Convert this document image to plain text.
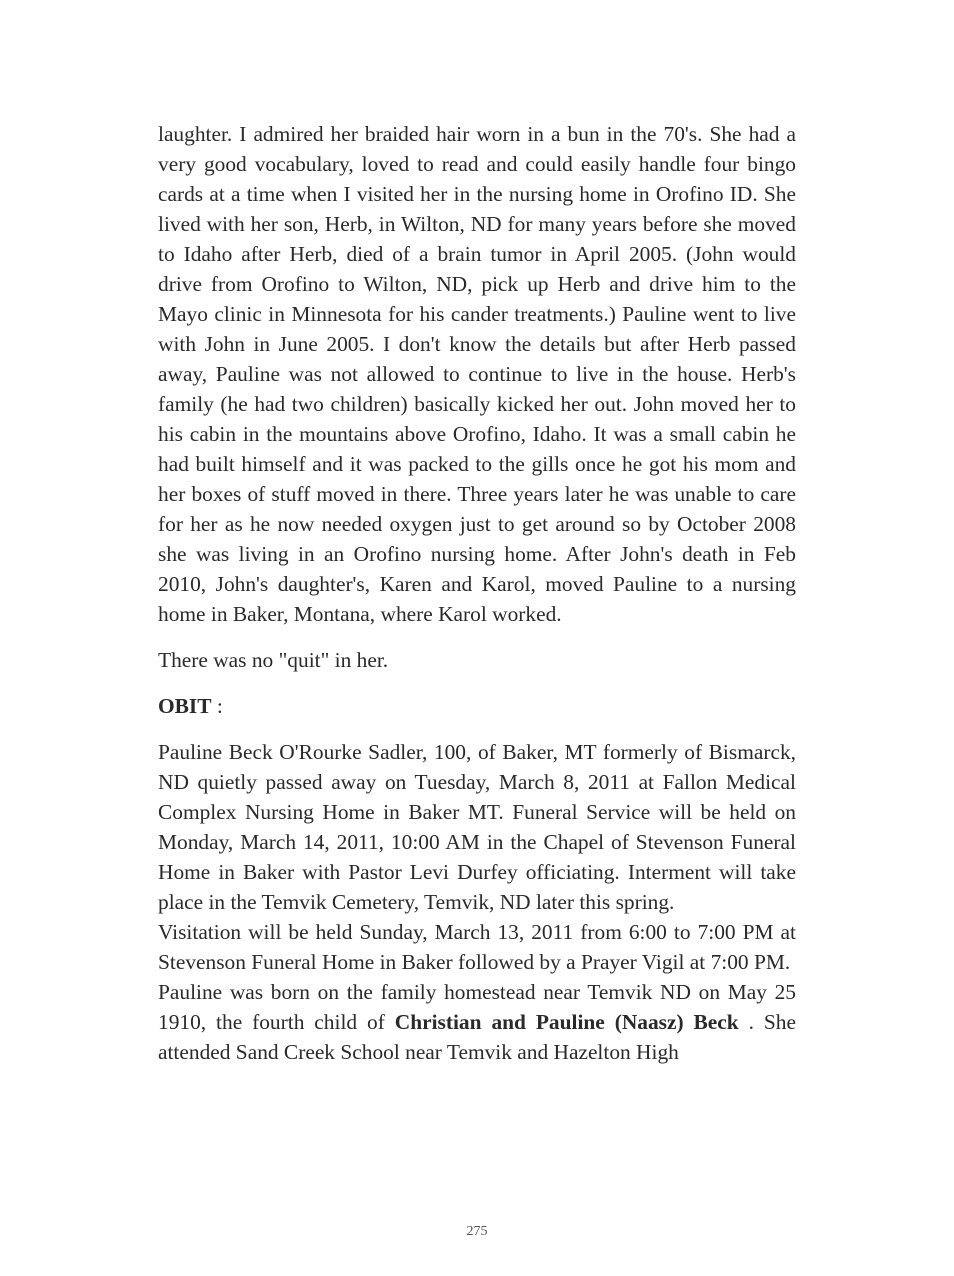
laughter. I admired her braided hair worn in a bun in the 70's. She had a very good vocabulary, loved to read and could easily handle four bingo cards at a time when I visited her in the nursing home in Orofino ID. She lived with her son, Herb, in Wilton, ND for many years before she moved to Idaho after Herb, died of a brain tumor in April 2005. (John would drive from Orofino to Wilton, ND, pick up Herb and drive him to the Mayo clinic in Minnesota for his cander treatments.) Pauline went to live with John in June 2005. I don't know the details but after Herb passed away, Pauline was not allowed to continue to live in the house. Herb's family (he had two children) basically kicked her out. John moved her to his cabin in the mountains above Orofino, Idaho. It was a small cabin he had built himself and it was packed to the gills once he got his mom and her boxes of stuff moved in there. Three years later he was unable to care for her as he now needed oxygen just to get around so by October 2008 she was living in an Orofino nursing home. After John's death in Feb 2010, John's daughter's, Karen and Karol, moved Pauline to a nursing home in Baker, Montana, where Karol worked.

There was no "quit" in her.

OBIT :

Pauline Beck O'Rourke Sadler, 100, of Baker, MT formerly of Bismarck, ND quietly passed away on Tuesday, March 8, 2011 at Fallon Medical Complex Nursing Home in Baker MT. Funeral Service will be held on Monday, March 14, 2011, 10:00 AM in the Chapel of Stevenson Funeral Home in Baker with Pastor Levi Durfey officiating. Interment will take place in the Temvik Cemetery, Temvik, ND later this spring.

Visitation will be held Sunday, March 13, 2011 from 6:00 to 7:00 PM at Stevenson Funeral Home in Baker followed by a Prayer Vigil at 7:00 PM.

Pauline was born on the family homestead near Temvik ND on May 25 1910, the fourth child of Christian and Pauline (Naasz) Beck . She attended Sand Creek School near Temvik and Hazelton High

275
